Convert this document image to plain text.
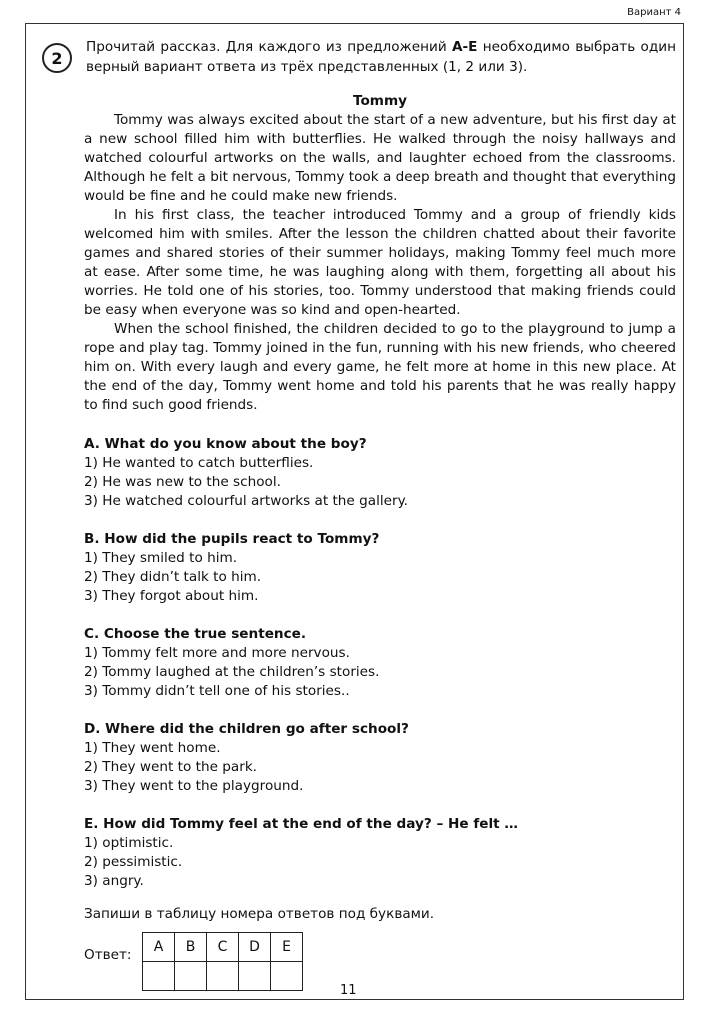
Вариант 4
2
Прочитай рассказ. Для каждого из предложений А-Е необходимо выбрать один верный вариант ответа из трёх представленных (1, 2 или 3).

Tommy

Tommy was always excited about the start of a new adventure, but his first day at a new school filled him with butterflies. He walked through the noisy hallways and watched colourful artworks on the walls, and laughter echoed from the classrooms. Although he felt a bit nervous, Tommy took a deep breath and thought that everything would be fine and he could make new friends.

In his first class, the teacher introduced Tommy and a group of friendly kids welcomed him with smiles. After the lesson the children chatted about their favorite games and shared stories of their summer holidays, making Tommy feel much more at ease. After some time, he was laughing along with them, forgetting all about his worries. He told one of his stories, too. Tommy understood that making friends could be easy when everyone was so kind and open-hearted.

When the school finished, the children decided to go to the playground to jump a rope and play tag. Tommy joined in the fun, running with his new friends, who cheered him on. With every laugh and every game, he felt more at home in this new place. At the end of the day, Tommy went home and told his parents that he was really happy to find such good friends.

A. What do you know about the boy?

1) He wanted to catch butterflies.

2) He was new to the school.

3) He watched colourful artworks at the gallery.

B. How did the pupils react to Tommy?

1) They smiled to him.

2) They didn’t talk to him.

3) They forgot about him.

C. Choose the true sentence.

1) Tommy felt more and more nervous.

2) Tommy laughed at the children’s stories.

3) Tommy didn’t tell one of his stories..

D. Where did the children go after school?

1) They went home.

2) They went to the park.

3) They went to the playground.

E. How did Tommy feel at the end of the day? – He felt …

1) optimistic.

2) pessimistic.

3) angry.

Запиши в таблицу номера ответов под буквами.
Ответ: A	B	C	D	E

11
